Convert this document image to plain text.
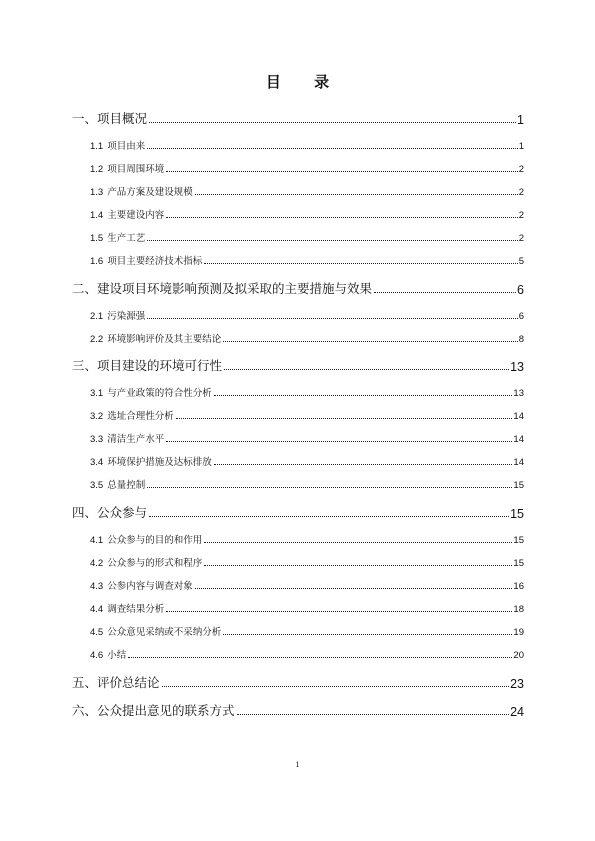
目 录
一、项目概况	1
1.1 项目由来	1
1.2 项目周围环境	2
1.3 产品方案及建设规模	2
1.4 主要建设内容	2
1.5 生产工艺	2
1.6 项目主要经济技术指标	5
二、建设项目环境影响预测及拟采取的主要措施与效果	6
2.1 污染源强	6
2.2 环境影响评价及其主要结论	8
三、项目建设的环境可行性	13
3.1 与产业政策的符合性分析	13
3.2 选址合理性分析	14
3.3 清洁生产水平	14
3.4 环境保护措施及达标排放	14
3.5 总量控制	15
四、公众参与	15
4.1 公众参与的目的和作用	15
4.2 公众参与的形式和程序	15
4.3 公参内容与调查对象	16
4.4 调查结果分析	18
4.5 公众意见采纳或不采纳分析	19
4.6 小结	20
五、评价总结论	23
六、公众提出意见的联系方式	24
1
